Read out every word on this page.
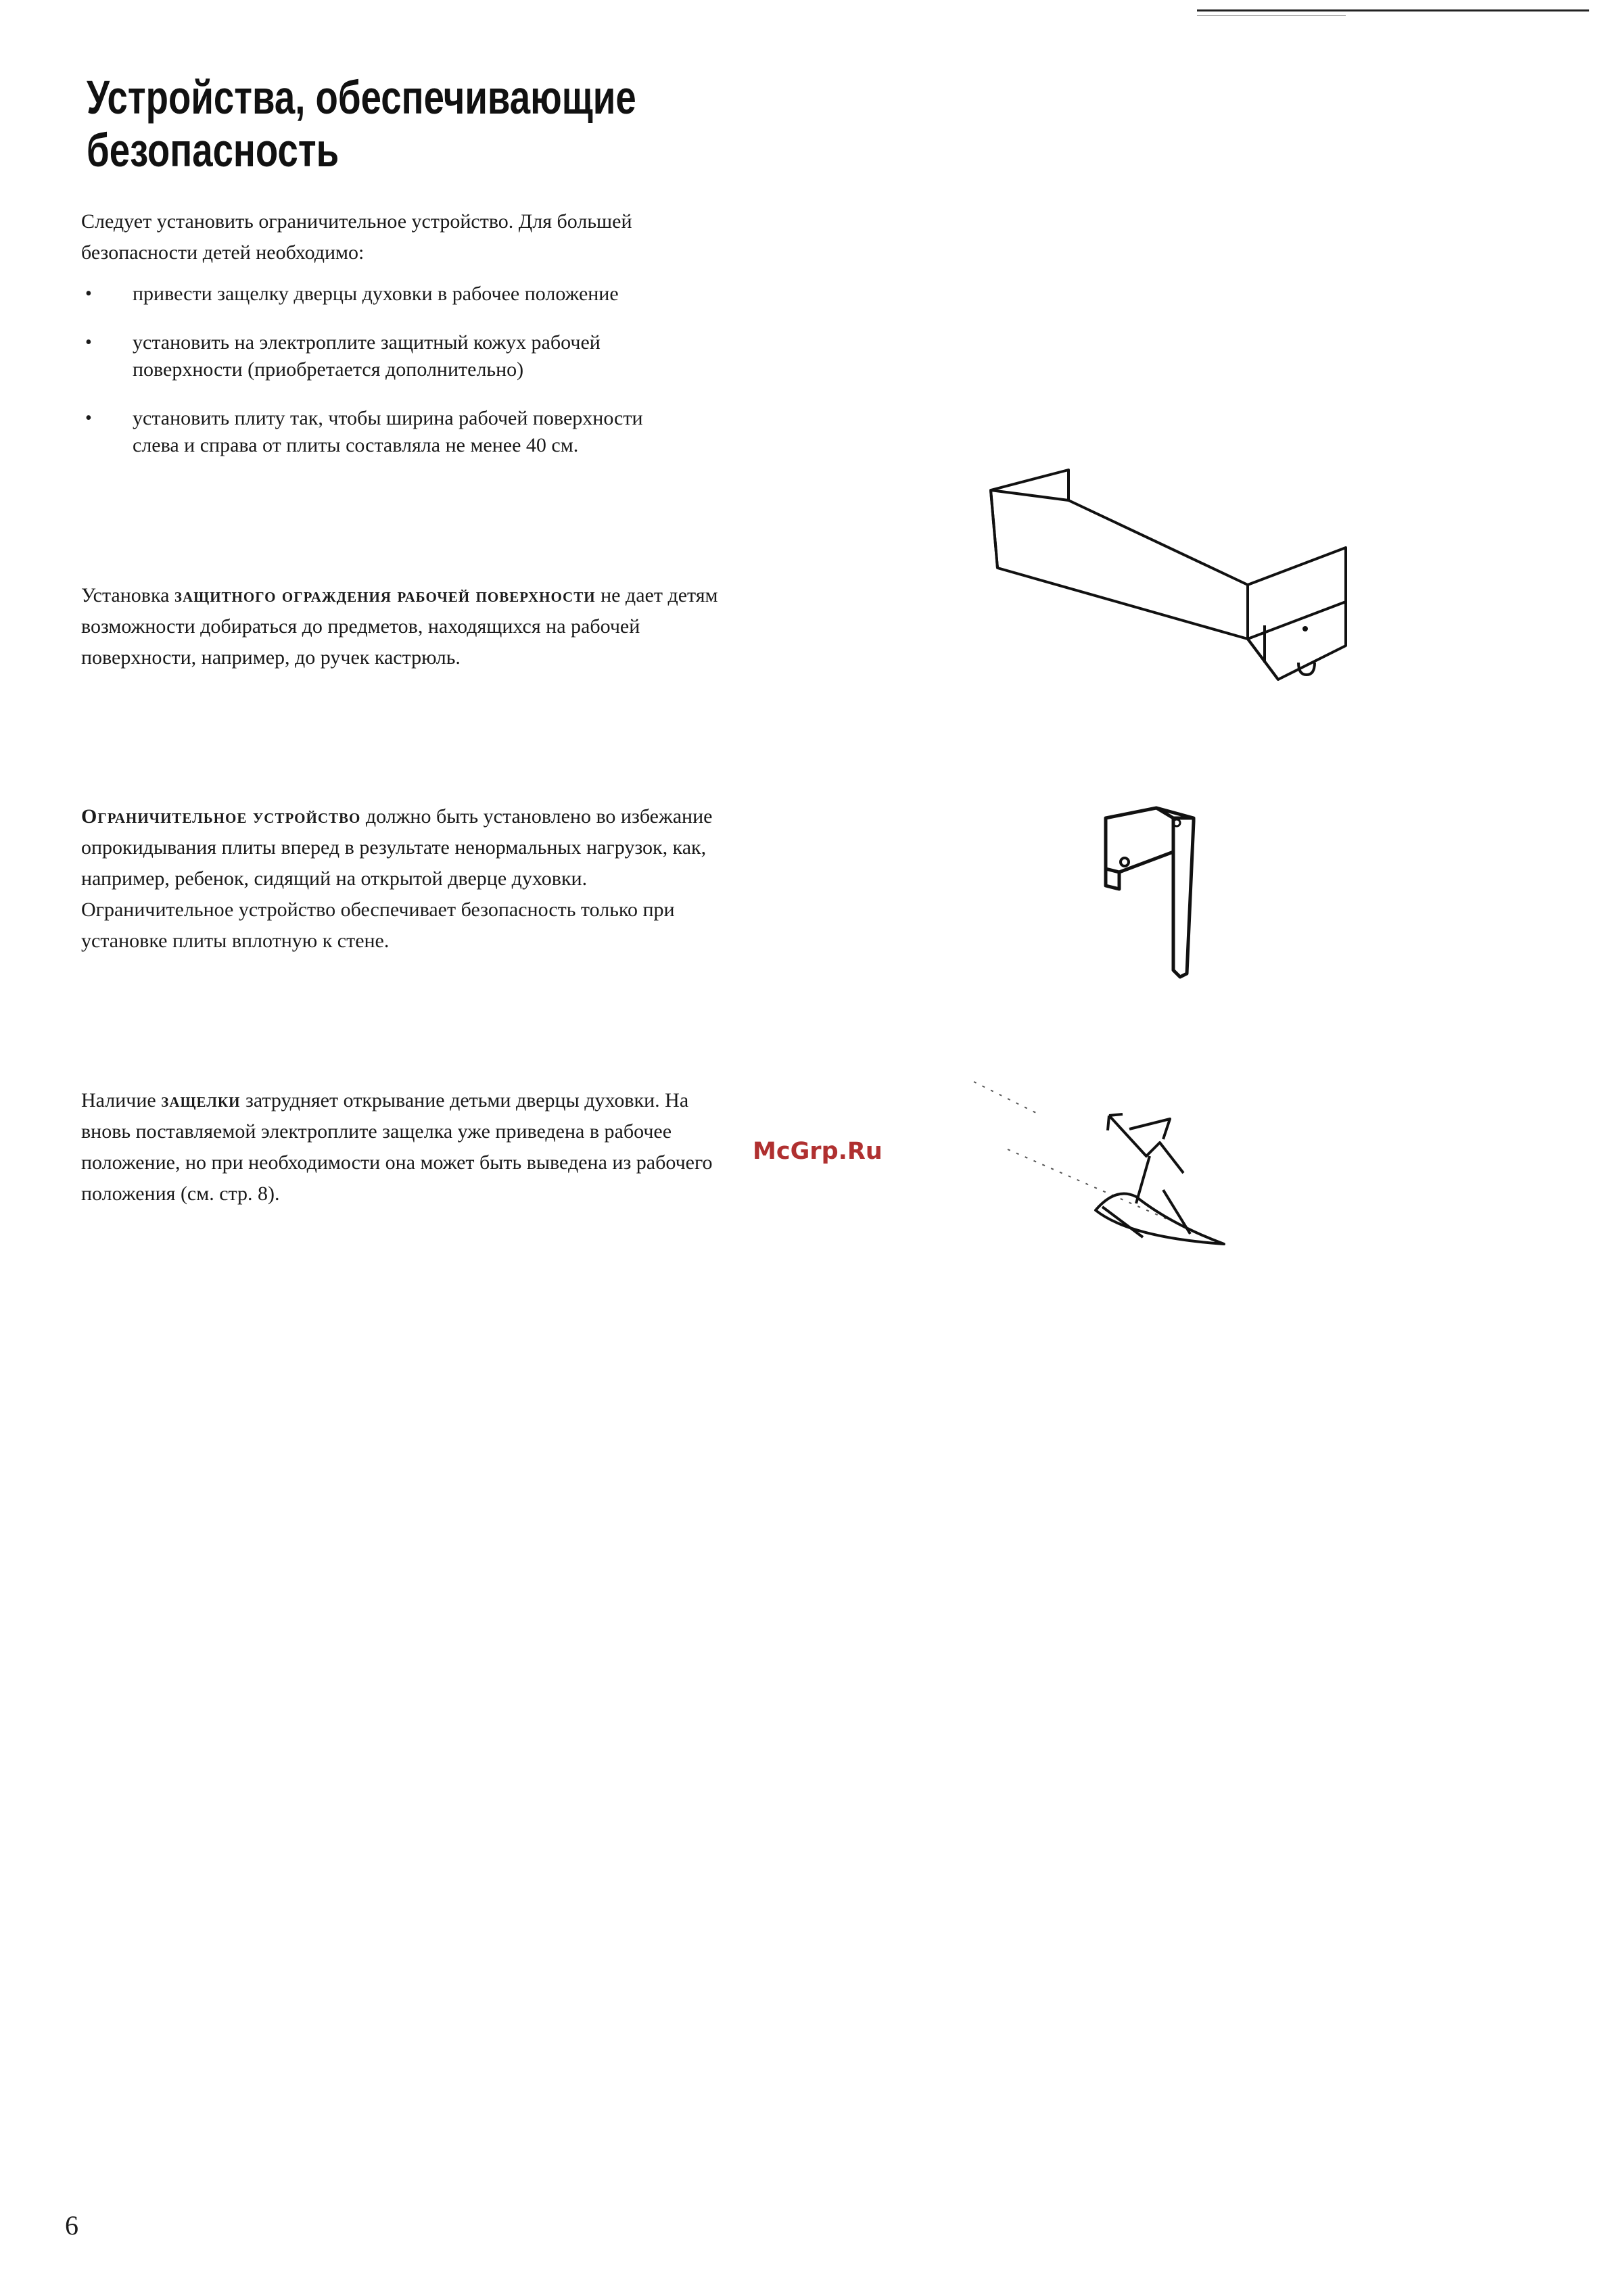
Устройства, обеспечивающие
безопасность

Следует установить ограничительное устройство. Для большей безопасности детей необходимо:

• привести защелку дверцы духовки в рабочее положение
• установить на электроплите защитный кожух рабочей поверхности (приобретается дополнительно)
• установить плиту так, чтобы ширина рабочей поверхности слева и справа от плиты составляла не менее 40 см.

Установка защитного ограждения рабочей поверхности не дает детям возможности добираться до предметов, находящихся на рабочей поверхности, например, до ручек кастрюль.

Ограничительное устройство должно быть установлено во избежание опрокидывания плиты вперед в результате ненормальных нагрузок, как, например, ребенок, сидящий на открытой дверце духовки. Ограничительное устройство обеспечивает безопасность только при установке плиты вплотную к стене.

Наличие защелки затрудняет открывание детьми дверцы духовки. На вновь поставляемой электроплите защелка уже приведена в рабочее положение, но при необходимости она может быть выведена из рабочего положения (см. стр. 8).

McGrp.Ru
6
